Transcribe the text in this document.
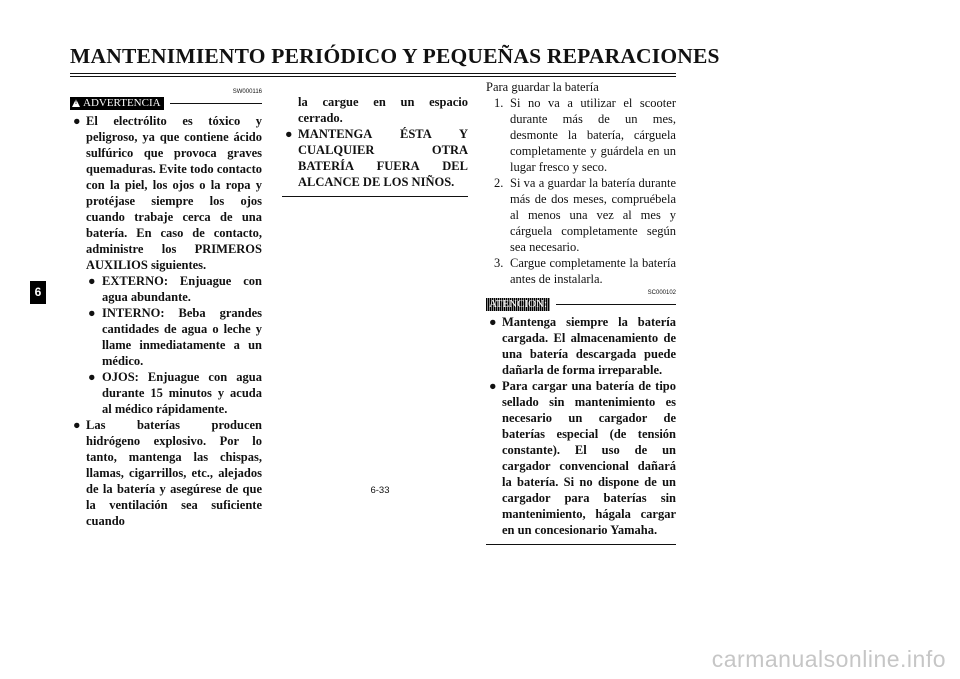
MANTENIMIENTO PERIÓDICO Y PEQUEÑAS REPARACIONES
6
SW000116
! ADVERTENCIA
● El electrólito es tóxico y peligroso, ya que contiene ácido sulfúrico que provoca graves quemaduras. Evite todo contacto con la piel, los ojos o la ropa y protéjase siempre los ojos cuando trabaje cerca de una batería. En caso de contacto, administre los PRIMEROS AUXILIOS siguientes.
● EXTERNO: Enjuague con agua abundante.
● INTERNO: Beba grandes cantidades de agua o leche y llame inmediatamente a un médico.
● OJOS: Enjuague con agua durante 15 minutos y acuda al médico rápidamente.
● Las baterías producen hidrógeno explosivo. Por lo tanto, mantenga las chispas, llamas, cigarrillos, etc., alejados de la batería y asegúrese de que la ventilación sea suficiente cuando
la cargue en un espacio cerrado.
● MANTENGA ÉSTA Y CUALQUIER OTRA BATERÍA FUERA DEL ALCANCE DE LOS NIÑOS.
Para guardar la batería
1. Si no va a utilizar el scooter durante más de un mes, desmonte la batería, cárguela completamente y guárdela en un lugar fresco y seco.
2. Si va a guardar la batería durante más de dos meses, compruébela al menos una vez al mes y cárguela completamente según sea necesario.
3. Cargue completamente la batería antes de instalarla.
SC000102
ATENCION:
● Mantenga siempre la batería cargada. El almacenamiento de una batería descargada puede dañarla de forma irreparable.
● Para cargar una batería de tipo sellado sin mantenimiento es necesario un cargador de baterías especial (de tensión constante). El uso de un cargador convencional dañará la batería. Si no dispone de un cargador para baterías sin mantenimiento, hágala cargar en un concesionario Yamaha.
6-33
carmanualsonline.info
